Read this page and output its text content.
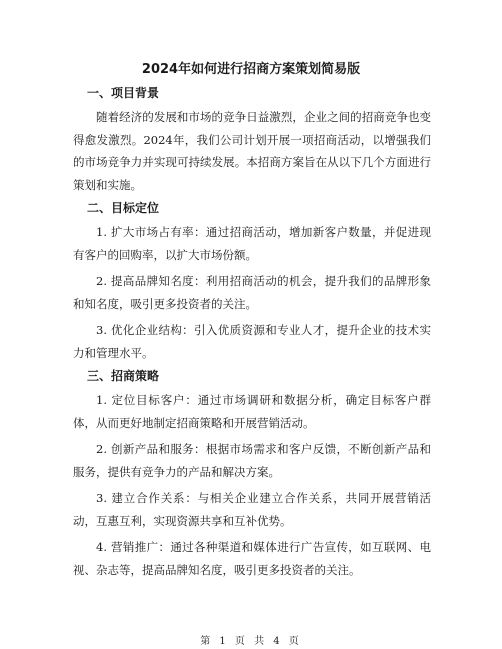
2024年如何进行招商方案策划简易版
一、项目背景

随着经济的发展和市场的竞争日益激烈，企业之间的招商竞争也变得愈发激烈。2024年，我们公司计划开展一项招商活动，以增强我们的市场竞争力并实现可持续发展。本招商方案旨在从以下几个方面进行策划和实施。

二、目标定位

1. 扩大市场占有率：通过招商活动，增加新客户数量，并促进现有客户的回购率，以扩大市场份额。

2. 提高品牌知名度：利用招商活动的机会，提升我们的品牌形象和知名度，吸引更多投资者的关注。

3. 优化企业结构：引入优质资源和专业人才，提升企业的技术实力和管理水平。

三、招商策略

1. 定位目标客户：通过市场调研和数据分析，确定目标客户群体，从而更好地制定招商策略和开展营销活动。

2. 创新产品和服务：根据市场需求和客户反馈，不断创新产品和服务，提供有竞争力的产品和解决方案。

3. 建立合作关系：与相关企业建立合作关系，共同开展营销活动，互惠互利，实现资源共享和互补优势。

4. 营销推广：通过各种渠道和媒体进行广告宣传，如互联网、电视、杂志等，提高品牌知名度，吸引更多投资者的关注。

第 1 页 共 4 页
